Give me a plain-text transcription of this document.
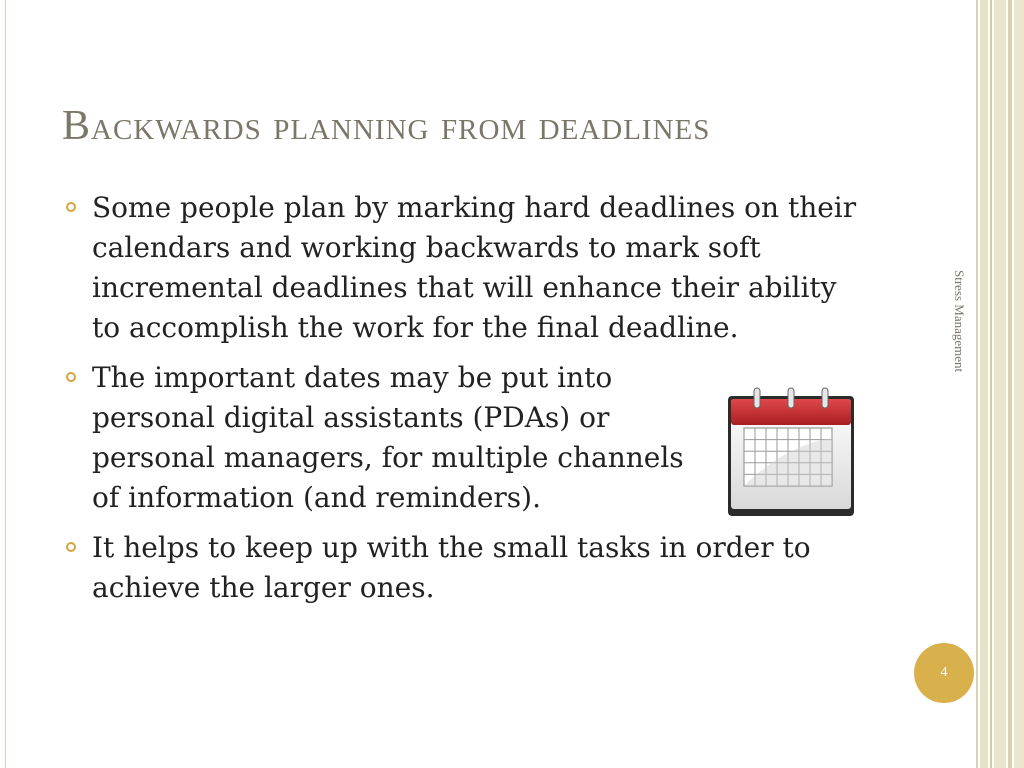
Backwards planning from deadlines
Some people plan by marking hard deadlines on their calendars and working backwards to mark soft incremental deadlines that will enhance their ability to accomplish the work for the final deadline.
The important dates may be put into personal digital assistants (PDAs) or personal managers, for multiple channels of information (and reminders).
It helps to keep up with the small tasks in order to achieve the larger ones.
Stress Management
4
